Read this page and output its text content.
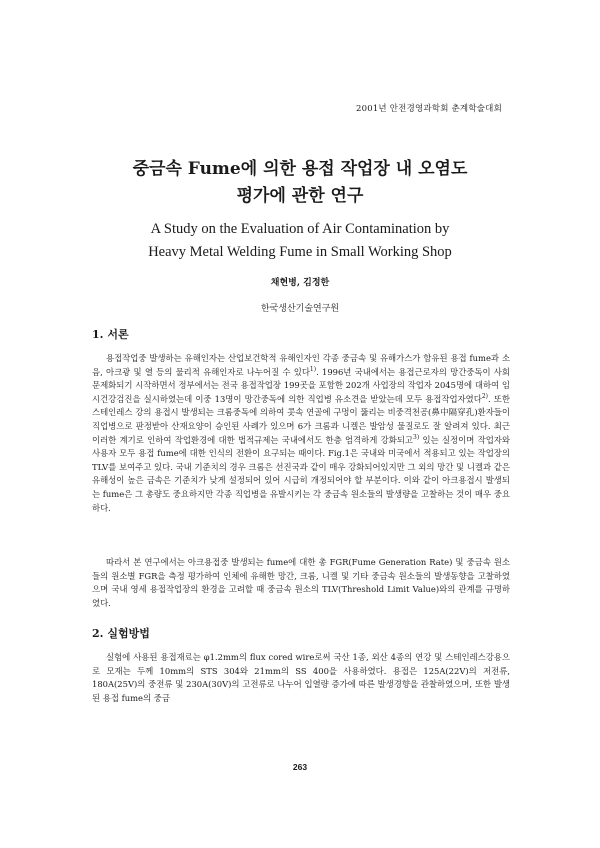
2001년 안전경영과학회 춘계학술대회
중금속 Fume에 의한 용접 작업장 내 오염도
평가에 관한 연구
A Study on the Evaluation of Air Contamination by
Heavy Metal Welding Fume in Small Working Shop
채현병, 김정한
한국생산기술연구원
1. 서론

용접작업중 발생하는 유해인자는 산업보건학적 유해인자인 각종 중금속 및 유해가스가 함유된 용접 fume과 소음, 아크광 및 열 등의 물리적 유해인자로 나누어질 수 있다$^{1)}$. 1996년 국내에서는 용접근로자의 망간중독이 사회 문제화되기 시작하면서 정부에서는 전국 용접작업장 199곳을 포함한 202개 사업장의 작업자 2045명에 대하여 임시건강검진을 실시하였는데 이중 13명이 망간중독에 의한 직업병 유소견을 받았는데 모두 용접작업자였다$^{2)}$. 또한 스테인레스 강의 용접시 발생되는 크롬중독에 의하여 콧속 연골에 구멍이 뚫리는 비중격천공(鼻中隔穿孔)환자들이 직업병으로 판정받아 산재요양이 승인된 사례가 있으며 6가 크롬과 니켈은 발암성 물질로도 잘 알려져 있다. 최근 이러한 계기로 인하여 작업환경에 대한 법적규제는 국내에서도 한층 엄격하게 강화되고$^{3)}$ 있는 실정이며 작업자와 사용자 모두 용접 fume에 대한 인식의 전환이 요구되는 때이다. Fig.1은 국내와 미국에서 적용되고 있는 작업장의 TLV를 보여주고 있다. 국내 기준치의 경우 크롬은 선진국과 같이 매우 강화되어있지만 그 외의 망간 및 니켈과 같은 유해성이 높은 금속은 기준치가 낮게 설정되어 있어 시급히 개정되어야 할 부분이다. 이와 같이 아크용접시 발생되는 fume은 그 총량도 중요하지만 각종 직업병을 유발시키는 각 중금속 원소들의 발생량을 고찰하는 것이 매우 중요하다.

따라서 본 연구에서는 아크용접중 발생되는 fume에 대한 총 FGR(Fume Generation Rate) 및 중금속 원소들의 원소별 FGR을 측정 평가하여 인체에 유해한 망간, 크롬, 니켈 및 기타 중금속 원소들의 발생동향을 고찰하였으며 국내 영세 용접작업장의 환경을 고려할 때 중금속 원소의 TLV(Threshold Limit Value)와의 관계를 규명하였다.

2. 실험방법

실험에 사용된 용접재료는 φ1.2mm의 flux cored wire로써 국산 1종, 외산 4종의 연강 및 스테인레스강용으로 모재는 두께 10mm의 STS 304와 21mm의 SS 400을 사용하였다. 용접은 125A(22V)의 저전류, 180A(25V)의 중전류 및 230A(30V)의 고전류로 나누어 입열량 증가에 따른 발생경향을 관찰하였으며, 또한 발생된 용접 fume의 중금

263
